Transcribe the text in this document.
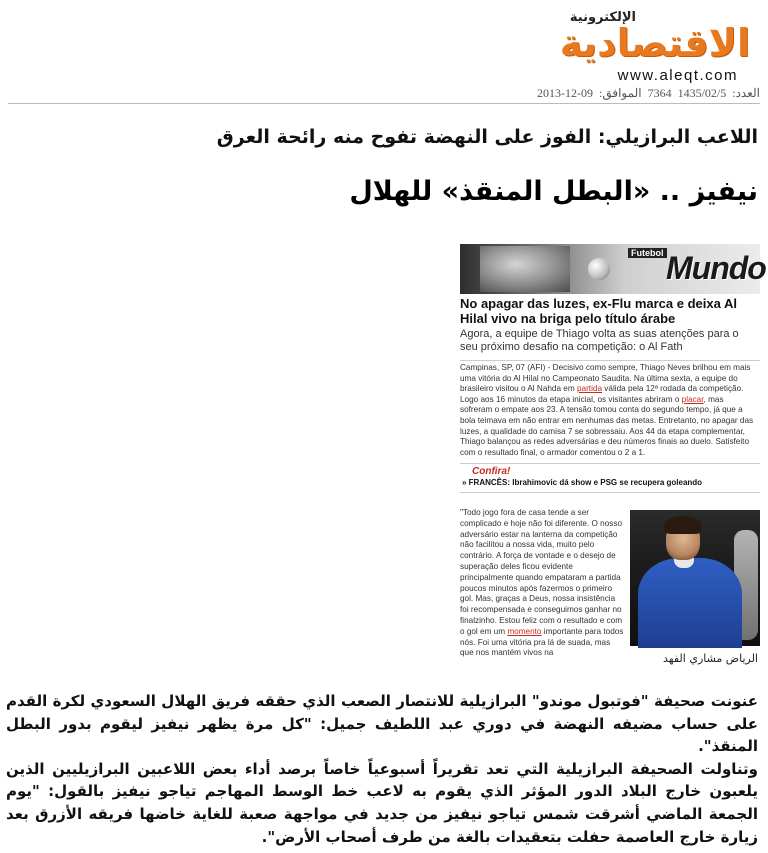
الإلكترونية
الاقتصادية
www.aleqt.com
العدد:7364 1435/02/5الموافق:09-12-2013
اللاعب البرازيلي: الفوز على النهضة تفوح منه رائحة العرق
نيفيز .. «البطل المنقذ» للهلال
Futebol Mundo
No apagar das luzes, ex-Flu marca e deixa Al Hilal vivo na briga pelo título árabe
Agora, a equipe de Thiago volta as suas atenções para o seu próximo desafio na competição: o Al Fath
Campinas, SP, 07 (AFI) - Decisivo como sempre, Thiago Neves brilhou em mais uma vitória do Al Hilal no Campeonato Saudita. Na última sexta, a equipe do brasileiro visitou o Al Nahda em partida válida pela 12ª rodada da competição. Logo aos 16 minutos da etapa inicial, os visitantes abriram o placar, mas sofreram o empate aos 23. A tensão tomou conta do segundo tempo, já que a bola teimava em não entrar em nenhumas das metas. Entretanto, no apagar das luzes, a qualidade do camisa 7 se sobressaiu. Aos 44 da etapa complementar, Thiago balançou as redes adversárias e deu números finais ao duelo. Satisfeito com o resultado final, o armador comentou o 2 a 1.
Confira!
» FRANCÊS: Ibrahimovic dá show e PSG se recupera goleando
"Todo jogo fora de casa tende a ser complicado e hoje não foi diferente. O nosso adversário estar na lanterna da competição não facilitou a nossa vida, muito pelo contrário. A força de vontade e o desejo de superação deles ficou evidente principalmente quando empataram a partida poucos minutos após fazermos o primeiro gol. Mas, graças a Deus, nossa insistência foi recompensada e conseguimos ganhar no finalzinho. Estou feliz com o resultado e com o gol em um momento importante para todos nós. Foi uma vitória pra lá de suada, mas que nos mantém vivos na	الرياض مشاري الفهد

عنونت صحيفة "فوتبول موندو" البرازيلية للانتصار الصعب الذي حققه فريق الهلال السعودي لكرة القدم على حساب مضيفه النهضة في دوري عبد اللطيف جميل: "كل مرة يظهر نيفيز ليقوم بدور البطل المنقذ".

وتناولت الصحيفة البرازيلية التي تعد تقريراً أسبوعياً خاصاً برصد أداء بعض اللاعبين البرازيليين الذين يلعبون خارج البلاد الدور المؤثر الذي يقوم به لاعب خط الوسط المهاجم تياجو نيفيز بالقول: "يوم الجمعة الماضي أشرقت شمس تياجو نيفيز من جديد في مواجهة صعبة للغاية خاضها فريقه الأزرق بعد زيارة خارج العاصمة حفلت بتعقيدات بالغة من طرف أصحاب الأرض".
